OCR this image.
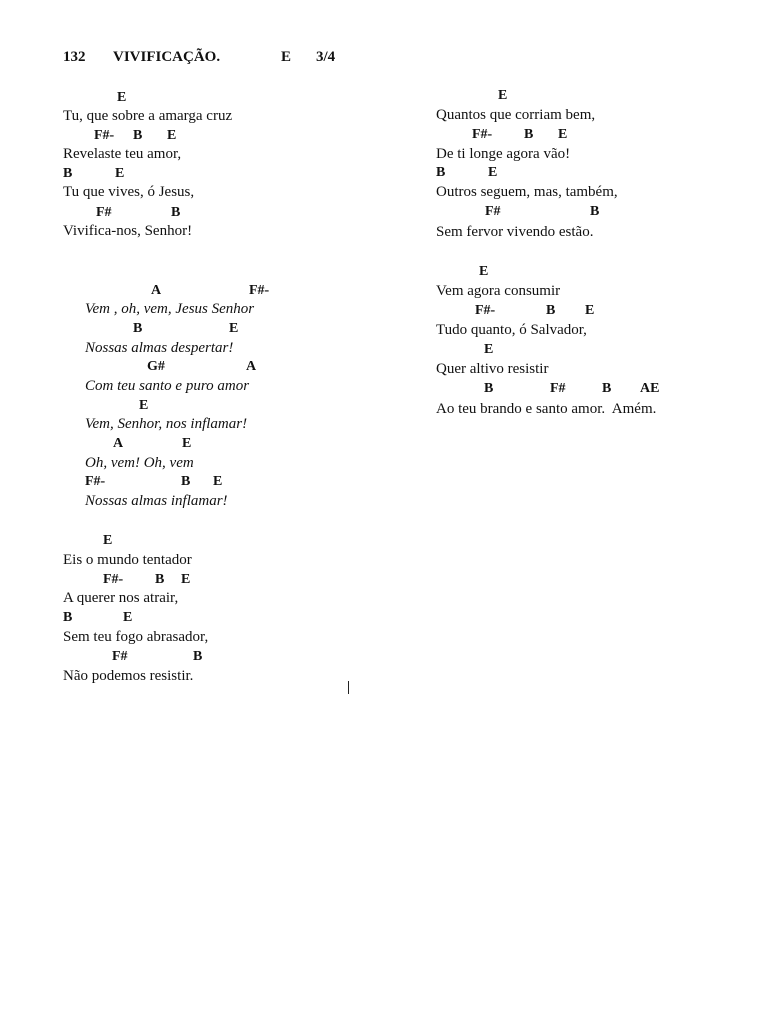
132

VIVIFICAÇÃO.

	E

3/4

E
Tu, que sobre a amarga cruz
F#- B E
Revelaste teu amor,
B	E
Tu que vives, ó Jesus,
F#	B
Vivifica-nos, Senhor!
A	F#-
Vem , oh, vem, Jesus Senhor
B	E
Nossas almas despertar!
G#	A
Com teu santo e puro amor
E
Vem, Senhor, nos inflamar!
A	E
Oh, vem! Oh, vem
F#-	B E
Nossas almas inflamar!
E
Eis o mundo tentador
F#- B E
A querer nos atrair,
B	E
Sem teu fogo abrasador,
F#	B
Não podemos resistir.
E
Quantos que corriam bem,
F#- B E
De ti longe agora vão!
B	E
Outros seguem, mas, também,
F#	B
Sem fervor vivendo estão.
E
Vem agora consumir
F#-	B E
Tudo quanto, ó Salvador,
E
Quer altivo resistir
B	F#	B AE
Ao teu brando e santo amor.  Amém.
